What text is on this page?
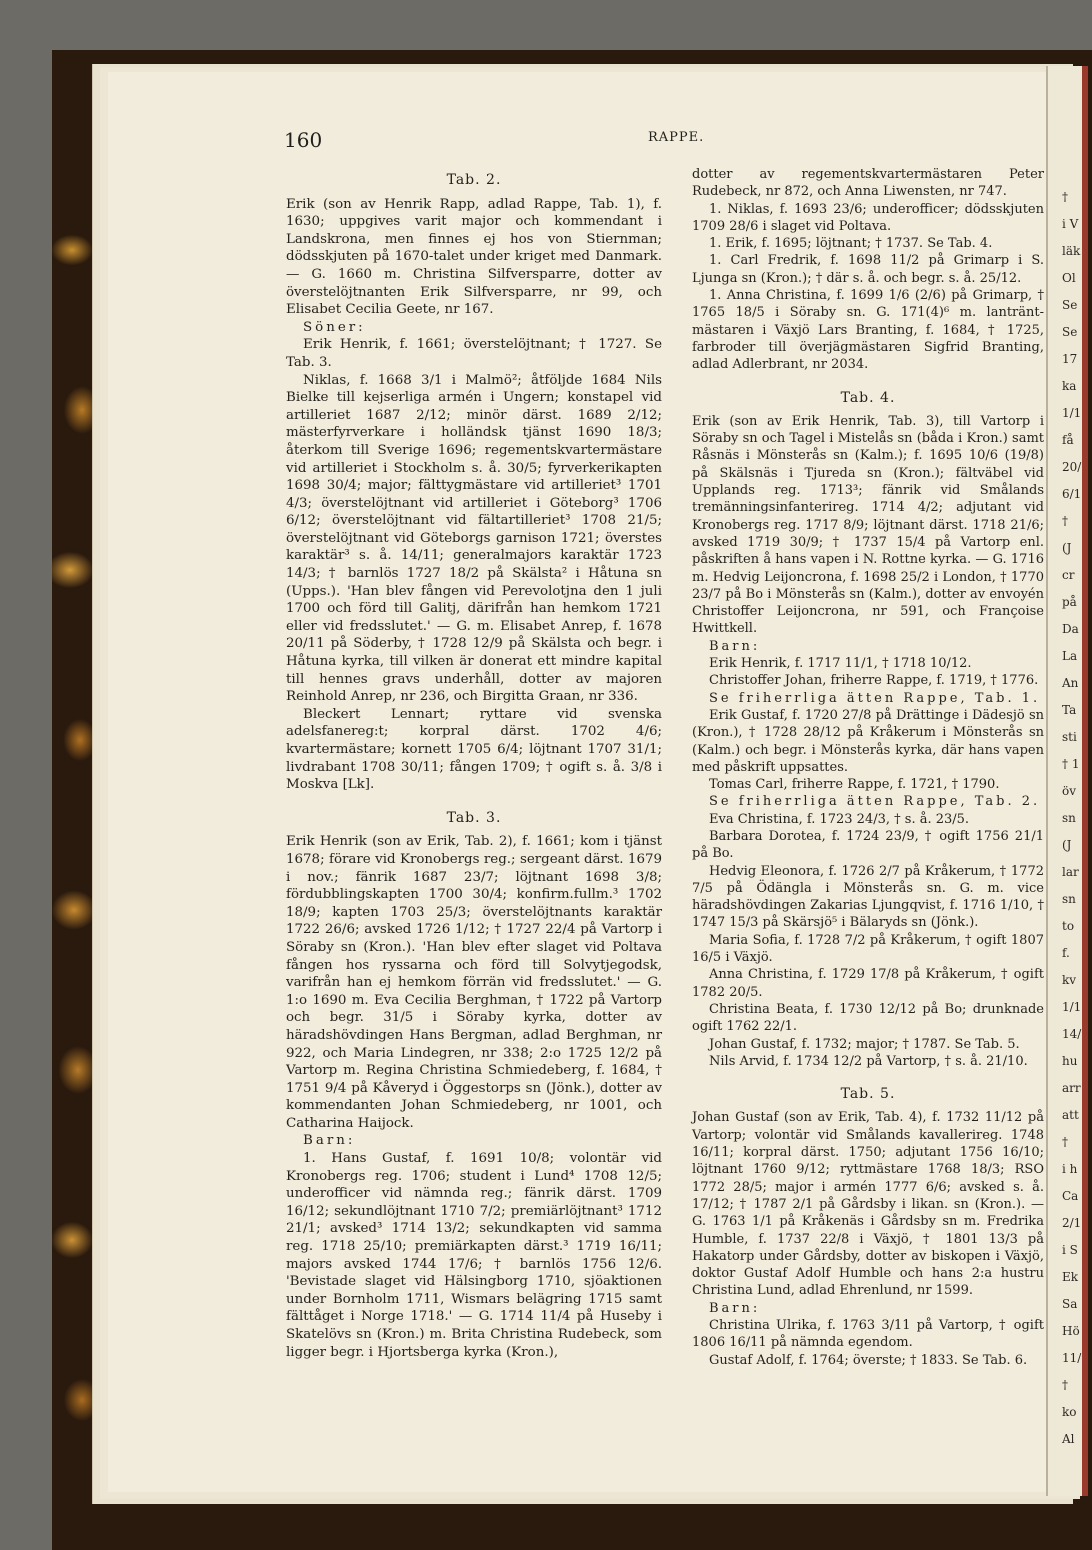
†
i V
läk
Ol
Se
Se
17
ka
1/1
få
20/
6/1
†
(J
cr
på
Da
La
An
Ta
sti
† 1
öv
sn
(J
lar
sn
to
f.
kv
1/1
14/
hu
arr
att
†
i h
Ca
2/1
i S
Ek
Sa
Hö
11/
†
ko
Al
160	RAPPE.
Tab. 2.

Erik (son av Henrik Rapp, adlad Rappe, Tab. 1), f. 1630; uppgives varit major och kommendant i Landskrona, men finnes ej hos von Stiernman; dödsskjuten på 1670-talet under kriget med Danmark. — G. 1660 m. Christina Silfversparre, dotter av överstelöjtnanten Erik Silfversparre, nr 99, och Elisabet Cecilia Geete, nr 167.

Söner:

Erik Henrik, f. 1661; överstelöjtnant; † 1727. Se Tab. 3.

Niklas, f. 1668 3/1 i Malmö²; åtföljde 1684 Nils Bielke till kejserliga armén i Ungern; konstapel vid artilleriet 1687 2/12; minör därst. 1689 2/12; mästerfyrverkare i holländsk tjänst 1690 18/3; återkom till Sverige 1696; regementskvartermästare vid artilleriet i Stockholm s. å. 30/5; fyrverkerikapten 1698 30/4; major; fälttygmästare vid artilleriet³ 1701 4/3; överstelöjtnant vid artilleriet i Göteborg³ 1706 6/12; överstelöjtnant vid fältartilleriet³ 1708 21/5; överstelöjtnant vid Göteborgs garnison 1721; överstes karaktär³ s. å. 14/11; generalmajors karaktär 1723 14/3; † barnlös 1727 18/2 på Skälsta² i Håtuna sn (Upps.). 'Han blev fången vid Perevolotjna den 1 juli 1700 och förd till Galitj, därifrån han hemkom 1721 eller vid fredsslutet.' — G. m. Elisabet Anrep, f. 1678 20/11 på Söderby, † 1728 12/9 på Skälsta och begr. i Håtuna kyrka, till vilken är donerat ett mindre kapital till hennes gravs underhåll, dotter av majoren Reinhold Anrep, nr 236, och Birgitta Graan, nr 336.

Bleckert Lennart; ryttare vid svenska adelsfanereg:t; korpral därst. 1702 4/6; kvartermästare; kornett 1705 6/4; löjtnant 1707 31/1; livdrabant 1708 30/11; fången 1709; † ogift s. å. 3/8 i Moskva [Lk].

Tab. 3.

Erik Henrik (son av Erik, Tab. 2), f. 1661; kom i tjänst 1678; förare vid Kronobergs reg.; sergeant därst. 1679 i nov.; fänrik 1687 23/7; löjtnant 1698 3/8; fördubblingskapten 1700 30/4; konfirm.fullm.³ 1702 18/9; kapten 1703 25/3; överstelöjtnants karaktär 1722 26/6; avsked 1726 1/12; † 1727 22/4 på Vartorp i Söraby sn (Kron.). 'Han blev efter slaget vid Poltava fången hos ryssarna och förd till Solvytjegodsk, varifrån han ej hemkom förrän vid fredsslutet.' — G. 1:o 1690 m. Eva Cecilia Berghman, † 1722 på Vartorp och begr. 31/5 i Söraby kyrka, dotter av häradshövdingen Hans Bergman, adlad Berghman, nr 922, och Maria Lindegren, nr 338; 2:o 1725 12/2 på Vartorp m. Regina Christina Schmiedeberg, f. 1684, † 1751 9/4 på Kåveryd i Öggestorps sn (Jönk.), dotter av kommendanten Johan Schmiedeberg, nr 1001, och Catharina Haijock.

Barn:

1. Hans Gustaf, f. 1691 10/8; volontär vid Kronobergs reg. 1706; student i Lund⁴ 1708 12/5; underofficer vid nämnda reg.; fänrik därst. 1709 16/12; sekundlöjtnant 1710 7/2; premiärlöjtnant³ 1712 21/1; avsked³ 1714 13/2; sekundkapten vid samma reg. 1718 25/10; premiärkapten därst.³ 1719 16/11; majors avsked 1744 17/6; † barnlös 1756 12/6. 'Bevistade slaget vid Hälsingborg 1710, sjöaktionen under Bornholm 1711, Wismars belägring 1715 samt fälttåget i Norge 1718.' — G. 1714 11/4 på Huseby i Skatelövs sn (Kron.) m. Brita Christina Rudebeck, som ligger begr. i Hjortsberga kyrka (Kron.),

dotter av regementskvartermästaren Peter Rudebeck, nr 872, och Anna Liwensten, nr 747.

1. Niklas, f. 1693 23/6; underofficer; dödsskjuten 1709 28/6 i slaget vid Poltava.

1. Erik, f. 1695; löjtnant; † 1737. Se Tab. 4.

1. Carl Fredrik, f. 1698 11/2 på Grimarp i S. Ljunga sn (Kron.); † där s. å. och begr. s. å. 25/12.

1. Anna Christina, f. 1699 1/6 (2/6) på Grimarp, † 1765 18/5 i Söraby sn. G. 171(4)⁶ m. lantränt-mästaren i Växjö Lars Branting, f. 1684, † 1725, farbroder till överjägmästaren Sigfrid Branting, adlad Adlerbrant, nr 2034.

Tab. 4.

Erik (son av Erik Henrik, Tab. 3), till Vartorp i Söraby sn och Tagel i Mistelås sn (båda i Kron.) samt Råsnäs i Mönsterås sn (Kalm.); f. 1695 10/6 (19/8) på Skälsnäs i Tjureda sn (Kron.); fältväbel vid Upplands reg. 1713³; fänrik vid Smålands tremänningsinfanterireg. 1714 4/2; adjutant vid Kronobergs reg. 1717 8/9; löjtnant därst. 1718 21/6; avsked 1719 30/9; † 1737 15/4 på Vartorp enl. påskriften å hans vapen i N. Rottne kyrka. — G. 1716 m. Hedvig Leijoncrona, f. 1698 25/2 i London, † 1770 23/7 på Bo i Mönsterås sn (Kalm.), dotter av envoyén Christoffer Leijoncrona, nr 591, och Françoise Hwittkell.

Barn:

Erik Henrik, f. 1717 11/1, † 1718 10/12.

Christoffer Johan, friherre Rappe, f. 1719, † 1776.

Se friherrliga ätten Rappe, Tab. 1.

Erik Gustaf, f. 1720 27/8 på Drättinge i Dädesjö sn (Kron.), † 1728 28/12 på Kråkerum i Mönsterås sn (Kalm.) och begr. i Mönsterås kyrka, där hans vapen med påskrift uppsattes.

Tomas Carl, friherre Rappe, f. 1721, † 1790.

Se friherrliga ätten Rappe, Tab. 2.

Eva Christina, f. 1723 24/3, † s. å. 23/5.

Barbara Dorotea, f. 1724 23/9, † ogift 1756 21/1 på Bo.

Hedvig Eleonora, f. 1726 2/7 på Kråkerum, † 1772 7/5 på Ödängla i Mönsterås sn. G. m. vice häradshövdingen Zakarias Ljungqvist, f. 1716 1/10, † 1747 15/3 på Skärsjö⁵ i Bälaryds sn (Jönk.).

Maria Sofia, f. 1728 7/2 på Kråkerum, † ogift 1807 16/5 i Växjö.

Anna Christina, f. 1729 17/8 på Kråkerum, † ogift 1782 20/5.

Christina Beata, f. 1730 12/12 på Bo; drunknade ogift 1762 22/1.

Johan Gustaf, f. 1732; major; † 1787. Se Tab. 5.

Nils Arvid, f. 1734 12/2 på Vartorp, † s. å. 21/10.

Tab. 5.

Johan Gustaf (son av Erik, Tab. 4), f. 1732 11/12 på Vartorp; volontär vid Smålands kavallerireg. 1748 16/11; korpral därst. 1750; adjutant 1756 16/10; löjtnant 1760 9/12; ryttmästare 1768 18/3; RSO 1772 28/5; major i armén 1777 6/6; avsked s. å. 17/12; † 1787 2/1 på Gårdsby i likan. sn (Kron.). — G. 1763 1/1 på Kråkenäs i Gårdsby sn m. Fredrika Humble, f. 1737 22/8 i Växjö, † 1801 13/3 på Hakatorp under Gårdsby, dotter av biskopen i Växjö, doktor Gustaf Adolf Humble och hans 2:a hustru Christina Lund, adlad Ehrenlund, nr 1599.

Barn:

Christina Ulrika, f. 1763 3/11 på Vartorp, † ogift 1806 16/11 på nämnda egendom.

Gustaf Adolf, f. 1764; överste; † 1833. Se Tab. 6.
